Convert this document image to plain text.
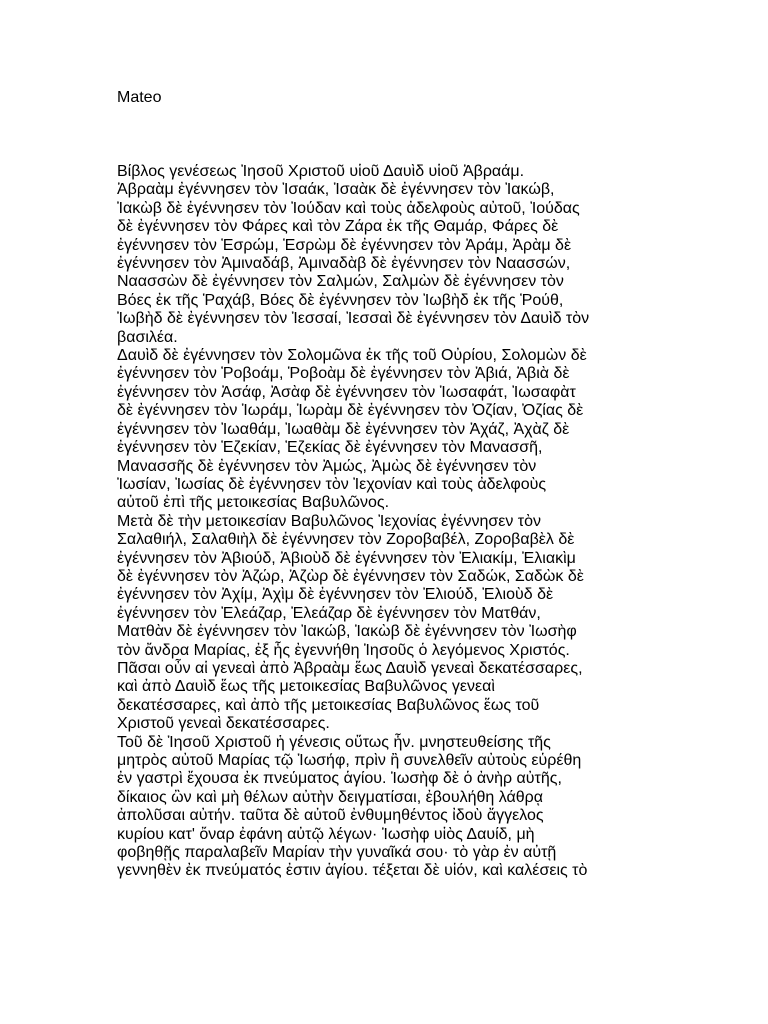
Mateo
Βίβλος γενέσεως Ἰησοῦ Χριστοῦ υἱοῦ Δαυὶδ υἱοῦ Ἀβραάμ.
Ἀβραὰμ ἐγέννησεν τὸν Ἰσαάκ, Ἰσαὰκ δὲ ἐγέννησεν τὸν Ἰακώβ,
Ἰακὼβ δὲ ἐγέννησεν τὸν Ἰούδαν καὶ τοὺς ἀδελφοὺς αὐτοῦ, Ἰούδας
δὲ ἐγέννησεν τὸν Φάρες καὶ τὸν Ζάρα ἐκ τῆς Θαμάρ, Φάρες δὲ
ἐγέννησεν τὸν Ἑσρώμ, Ἑσρὼμ δὲ ἐγέννησεν τὸν Ἀράμ, Ἀρὰμ δὲ
ἐγέννησεν τὸν Ἀμιναδάβ, Ἀμιναδὰβ δὲ ἐγέννησεν τὸν Ναασσών,
Ναασσὼν δὲ ἐγέννησεν τὸν Σαλμών, Σαλμὼν δὲ ἐγέννησεν τὸν
Βόες ἐκ τῆς Ῥαχάβ, Βόες δὲ ἐγέννησεν τὸν Ἰωβὴδ ἐκ τῆς Ῥούθ,
Ἰωβὴδ δὲ ἐγέννησεν τὸν Ἰεσσαί, Ἰεσσαὶ δὲ ἐγέννησεν τὸν Δαυὶδ τὸν
βασιλέα.
Δαυὶδ δὲ ἐγέννησεν τὸν Σολομῶνα ἐκ τῆς τοῦ Οὐρίου, Σολομὼν δὲ
ἐγέννησεν τὸν Ῥοβοάμ, Ῥοβοὰμ δὲ ἐγέννησεν τὸν Ἀβιά, Ἀβιὰ δὲ
ἐγέννησεν τὸν Ἀσάφ, Ἀσὰφ δὲ ἐγέννησεν τὸν Ἰωσαφάτ, Ἰωσαφὰτ
δὲ ἐγέννησεν τὸν Ἰωράμ, Ἰωρὰμ δὲ ἐγέννησεν τὸν Ὀζίαν, Ὀζίας δὲ
ἐγέννησεν τὸν Ἰωαθάμ, Ἰωαθὰμ δὲ ἐγέννησεν τὸν Ἀχάζ, Ἀχὰζ δὲ
ἐγέννησεν τὸν Ἑζεκίαν, Ἑζεκίας δὲ ἐγέννησεν τὸν Μανασσῆ,
Μανασσῆς δὲ ἐγέννησεν τὸν Ἀμώς, Ἀμὼς δὲ ἐγέννησεν τὸν
Ἰωσίαν, Ἰωσίας δὲ ἐγέννησεν τὸν Ἰεχονίαν καὶ τοὺς ἀδελφοὺς
αὐτοῦ ἐπὶ τῆς μετοικεσίας Βαβυλῶνος.
Μετὰ δὲ τὴν μετοικεσίαν Βαβυλῶνος Ἰεχονίας ἐγέννησεν τὸν
Σαλαθιήλ, Σαλαθιὴλ δὲ ἐγέννησεν τὸν Ζοροβαβέλ, Ζοροβαβὲλ δὲ
ἐγέννησεν τὸν Ἀβιούδ, Ἀβιοὺδ δὲ ἐγέννησεν τὸν Ἐλιακίμ, Ἐλιακὶμ
δὲ ἐγέννησεν τὸν Ἀζώρ, Ἀζὼρ δὲ ἐγέννησεν τὸν Σαδώκ, Σαδὼκ δὲ
ἐγέννησεν τὸν Ἀχίμ, Ἀχὶμ δὲ ἐγέννησεν τὸν Ἐλιούδ, Ἐλιοὺδ δὲ
ἐγέννησεν τὸν Ἐλεάζαρ, Ἐλεάζαρ δὲ ἐγέννησεν τὸν Ματθάν,
Ματθὰν δὲ ἐγέννησεν τὸν Ἰακώβ, Ἰακὼβ δὲ ἐγέννησεν τὸν Ἰωσὴφ
τὸν ἄνδρα Μαρίας, ἐξ ἧς ἐγεννήθη Ἰησοῦς ὁ λεγόμενος Χριστός.
Πᾶσαι οὖν αἱ γενεαὶ ἀπὸ Ἀβραὰμ ἕως Δαυὶδ γενεαὶ δεκατέσσαρες,
καὶ ἀπὸ Δαυὶδ ἕως τῆς μετοικεσίας Βαβυλῶνος γενεαὶ
δεκατέσσαρες, καὶ ἀπὸ τῆς μετοικεσίας Βαβυλῶνος ἕως τοῦ
Χριστοῦ γενεαὶ δεκατέσσαρες.
Τοῦ δὲ Ἰησοῦ Χριστοῦ ἡ γένεσις οὕτως ἦν. μνηστευθείσης τῆς
μητρὸς αὐτοῦ Μαρίας τῷ Ἰωσήφ, πρὶν ἢ συνελθεῖν αὐτοὺς εὑρέθη
ἐν γαστρὶ ἔχουσα ἐκ πνεύματος ἁγίου. Ἰωσὴφ δὲ ὁ ἀνὴρ αὐτῆς,
δίκαιος ὢν καὶ μὴ θέλων αὐτὴν δειγματίσαι, ἐβουλήθη λάθρᾳ
ἀπολῦσαι αὐτήν. ταῦτα δὲ αὐτοῦ ἐνθυμηθέντος ἰδοὺ ἄγγελος
κυρίου κατ' ὄναρ ἐφάνη αὐτῷ λέγων· Ἰωσὴφ υἱὸς Δαυίδ, μὴ
φοβηθῇς παραλαβεῖν Μαρίαν τὴν γυναῖκά σου· τὸ γὰρ ἐν αὐτῇ
γεννηθὲν ἐκ πνεύματός ἐστιν ἁγίου. τέξεται δὲ υἱόν, καὶ καλέσεις τὸ
